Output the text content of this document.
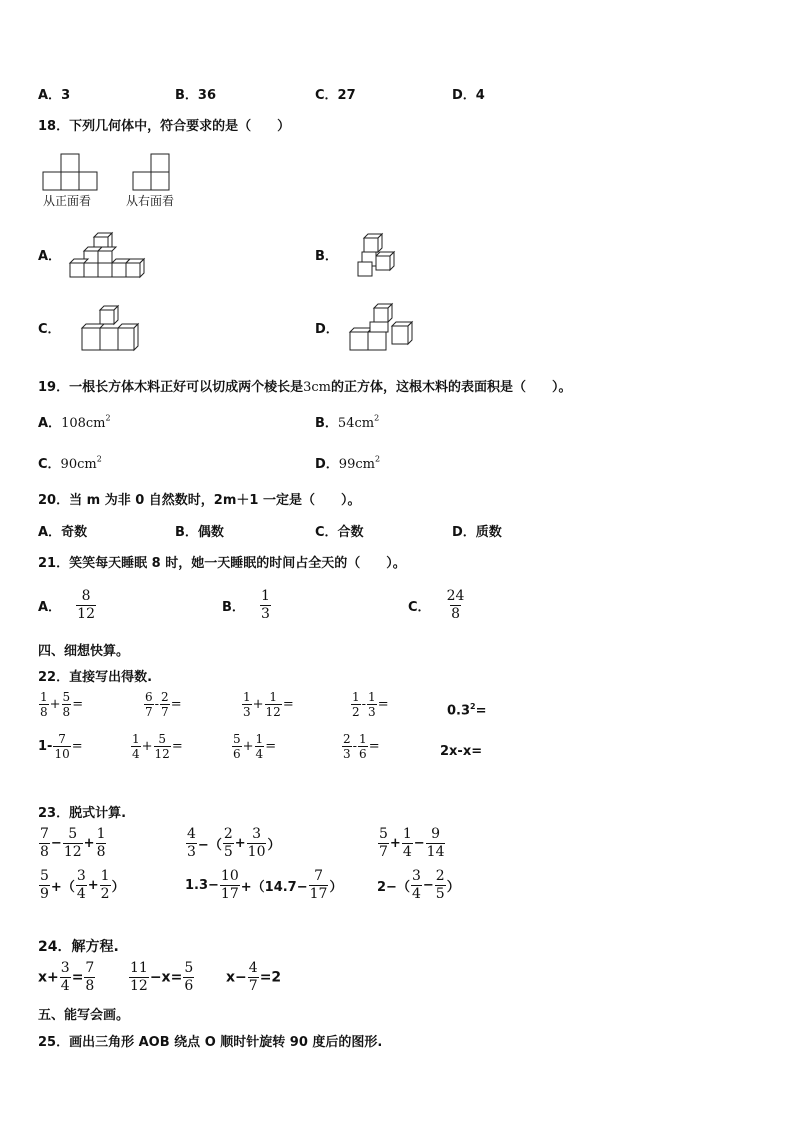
A．3	B．36	C．27	D．4
18．下列几何体中，符合要求的是（　　）
从正面看	从右面看
A．	B．
C．	D．
19．一根长方体木料正好可以切成两个棱长是3cm的正方体，这根木料的表面积是（　　）。
A．$108cm^2$	B．$54cm^2$
C．$90cm^2$	D．$99cm^2$
20．当 m 为非 0 自然数时，2m＋1 一定是（　　）。
A．奇数	B．偶数	C．合数	D．质数
21．笑笑每天睡眠 8 时，她一天睡眠的时间占全天的（　　）。
A． $\frac{8}{12}$	B． $\frac{1}{3}$	C． $\frac{24}{8}$
四、细想快算。
22．直接写出得数.
$\frac{1}{8} + \frac{5}{8}$ =	$\frac{6}{7} - \frac{2}{7}$ =	$\frac{1}{3} + \frac{1}{12}$ =	$\frac{1}{2} - \frac{1}{3}$ =	$0.3^2=$
$1- \frac{7}{10}$ =	$\frac{1}{4} + \frac{5}{12}$ =	$\frac{5}{6} + \frac{1}{4}$ =	$\frac{2}{3} - \frac{1}{6}$ =	2x-x=
23．脱式计算.
$\frac{7}{8} - \frac{5}{12} + \frac{1}{8}$	$\frac{4}{3}$ −（ $\frac{2}{5} + \frac{3}{10}$ ）	$\frac{5}{7} + \frac{1}{4} - \frac{9}{14}$
$\frac{5}{9}$ +（ $\frac{3}{4} + \frac{1}{2}$ ）	$1.3- \frac{10}{17} +(14.7- \frac{7}{17}$ ）	$2-( \frac{3}{4} - \frac{2}{5}$ ）
24．解方程.
$x+ \frac{3}{4} = \frac{7}{8} \frac{11}{12} -x= \frac{5}{6} x- \frac{4}{7} =2$
五、能写会画。
25．画出三角形 AOB 绕点 O 顺时针旋转 90 度后的图形.
